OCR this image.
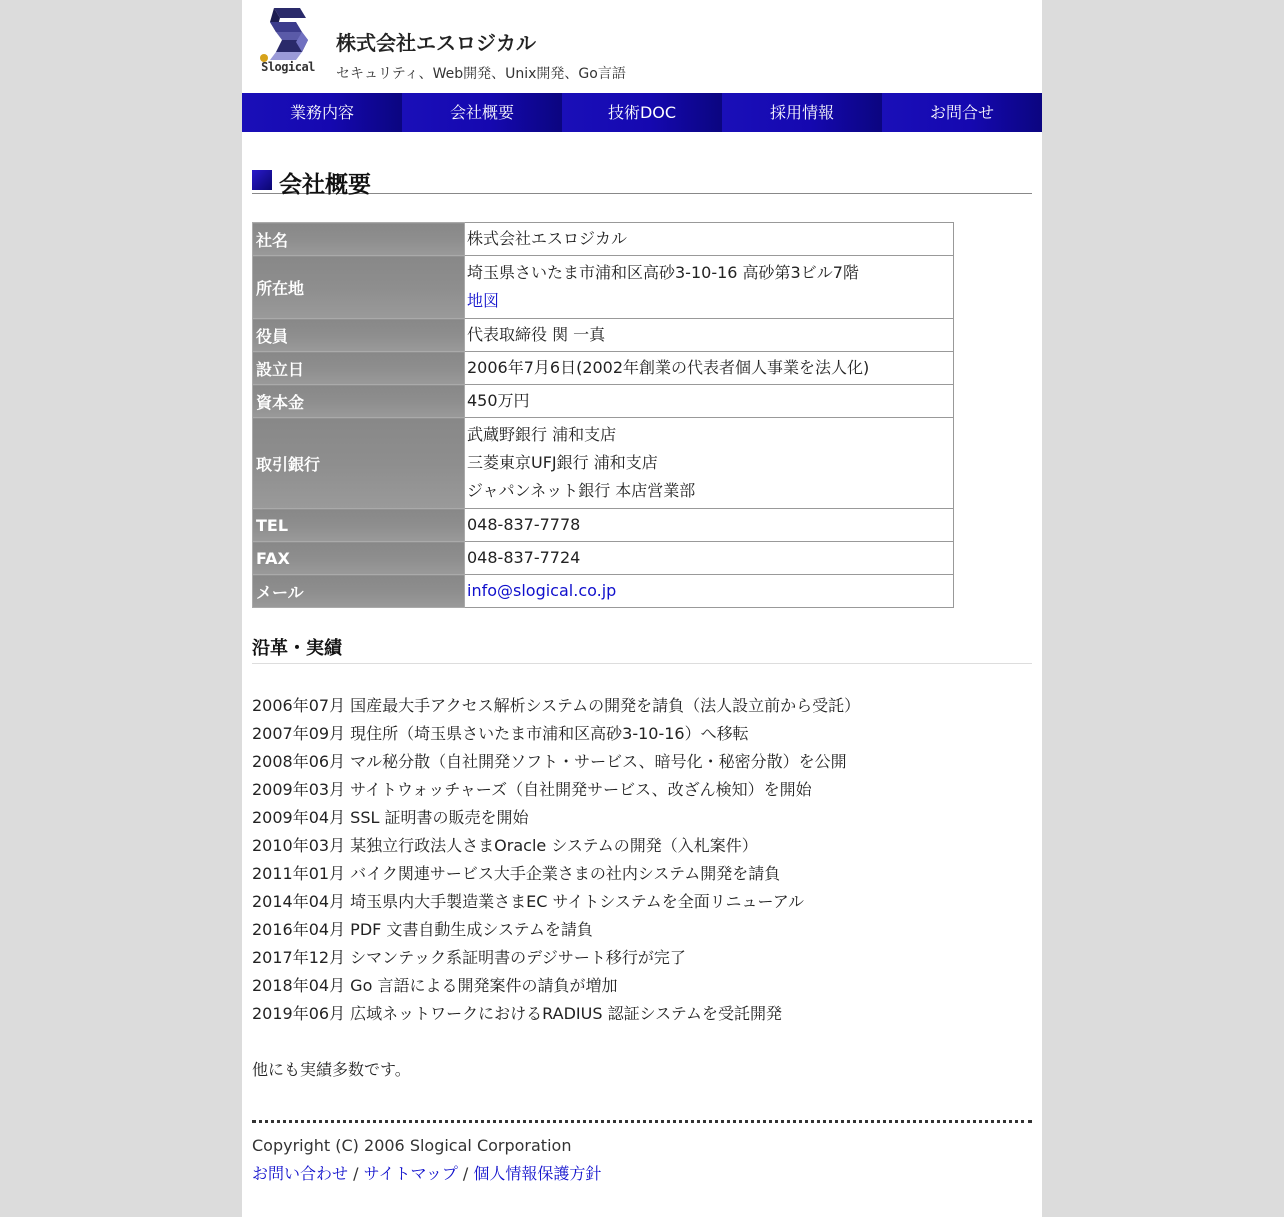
Slogical
株式会社エスロジカル
セキュリティ、Web開発、Unix開発、Go言語
業務内容	会社概要	技術DOC	採用情報	お問合せ
会社概要
社名	株式会社エスロジカル
所在地	埼玉県さいたま市浦和区高砂3-10-16 高砂第3ビル7階
地図

役員	代表取締役 関 一真
設立日	2006年7月6日(2002年創業の代表者個人事業を法人化)
資本金	450万円
取引銀行	武蔵野銀行 浦和支店
三菱東京UFJ銀行 浦和支店
ジャパンネット銀行 本店営業部

TEL	048-837-7778
FAX	048-837-7724
メール	info@slogical.co.jp
沿革・実績
2006年07月 国産最大手アクセス解析システムの開発を請負（法人設立前から受託）
2007年09月 現住所（埼玉県さいたま市浦和区高砂3-10-16）へ移転
2008年06月 マル秘分散（自社開発ソフト・サービス、暗号化・秘密分散）を公開
2009年03月 サイトウォッチャーズ（自社開発サービス、改ざん検知）を開始
2009年04月 SSL 証明書の販売を開始
2010年03月 某独立行政法人さまOracle システムの開発（入札案件）
2011年01月 バイク関連サービス大手企業さまの社内システム開発を請負
2014年04月 埼玉県内大手製造業さまEC サイトシステムを全面リニューアル
2016年04月 PDF 文書自動生成システムを請負
2017年12月 シマンテック系証明書のデジサート移行が完了
2018年04月 Go 言語による開発案件の請負が増加
2019年06月 広域ネットワークにおけるRADIUS 認証システムを受託開発
他にも実績多数です。
Copyright (C) 2006 Slogical Corporation
お問い合わせ / サイトマップ / 個人情報保護方針
